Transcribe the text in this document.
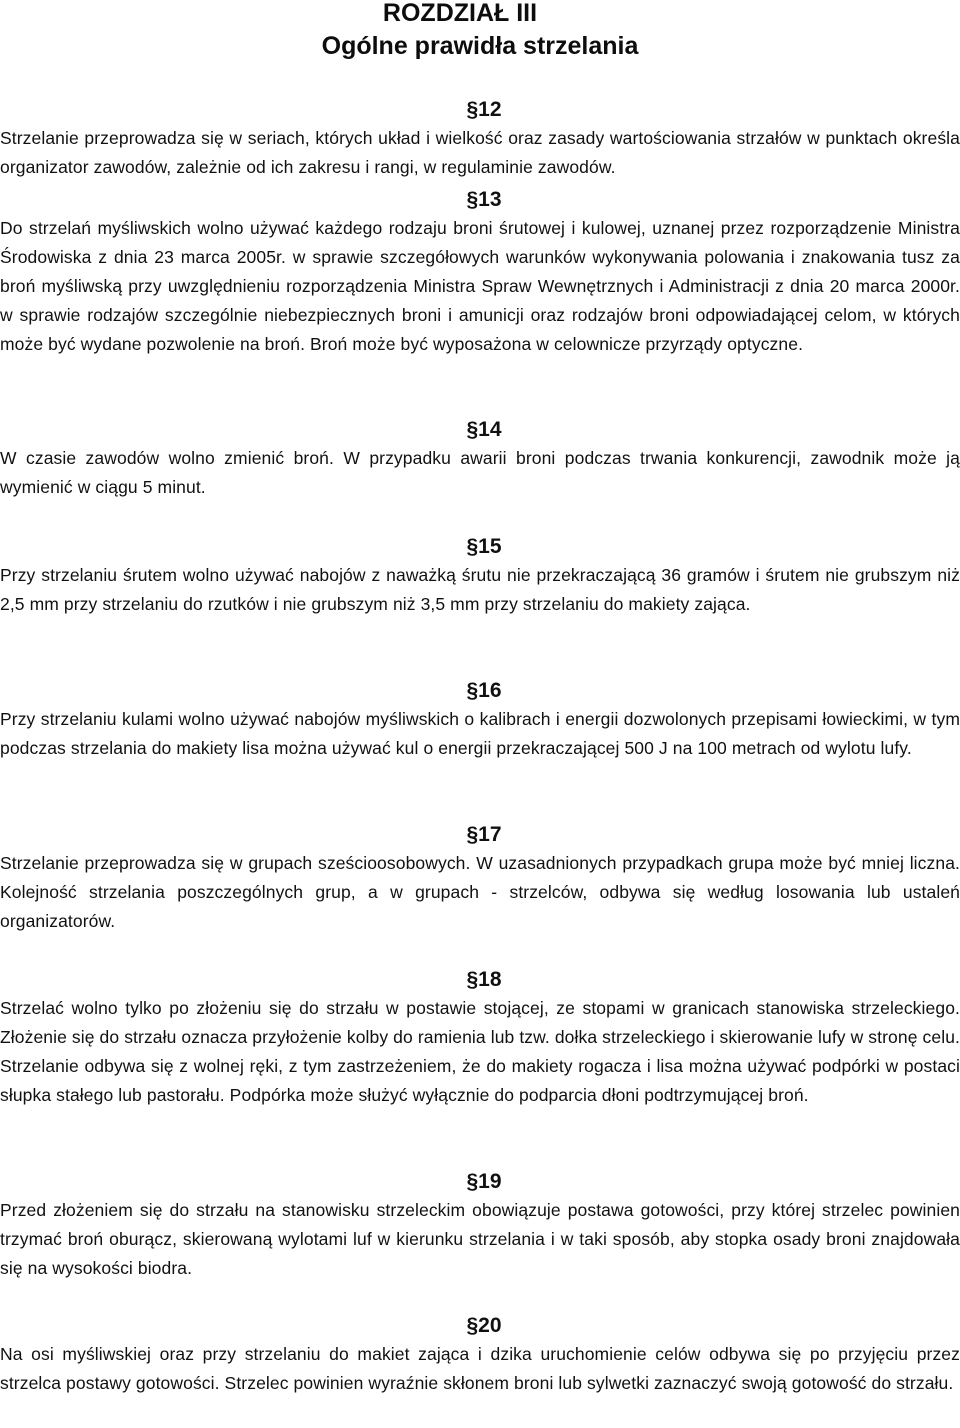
ROZDZIAŁ III
Ogólne prawidła strzelania
§12

Strzelanie przeprowadza się w seriach, których układ i wielkość oraz zasady wartościowania strzałów w punktach określa organizator zawodów, zależnie od ich zakresu i rangi, w regulaminie zawodów.

§13

Do strzelań myśliwskich wolno używać każdego rodzaju broni śrutowej i kulowej, uznanej przez rozporządzenie Ministra Środowiska z dnia 23 marca 2005r. w sprawie szczegółowych warunków wykonywania polowania i znakowania tusz za broń myśliwską przy uwzględnieniu rozporządzenia Ministra Spraw Wewnętrznych i Administracji z dnia 20 marca 2000r. w sprawie rodzajów szczególnie niebezpiecznych broni i amunicji oraz rodzajów broni odpowiadającej celom, w których może być wydane pozwolenie na broń. Broń może być wyposażona w celownicze przyrządy optyczne.

§14

W czasie zawodów wolno zmienić broń. W przypadku awarii broni podczas trwania konkurencji, zawodnik może ją wymienić w ciągu 5 minut.

§15

Przy strzelaniu śrutem wolno używać nabojów z naważką śrutu nie przekraczającą 36 gramów i śrutem nie grubszym niż 2,5 mm przy strzelaniu do rzutków i nie grubszym niż 3,5 mm przy strzelaniu do makiety zająca.

§16

Przy strzelaniu kulami wolno używać nabojów myśliwskich o kalibrach i energii dozwolonych przepisami łowieckimi, w tym podczas strzelania do makiety lisa można używać kul o energii przekraczającej 500 J na 100 metrach od wylotu lufy.

§17

Strzelanie przeprowadza się w grupach sześcioosobowych. W uzasadnionych przypadkach grupa może być mniej liczna. Kolejność strzelania poszczególnych grup, a w grupach - strzelców, odbywa się według losowania lub ustaleń organizatorów.

§18

Strzelać wolno tylko po złożeniu się do strzału w postawie stojącej, ze stopami w granicach stanowiska strzeleckiego. Złożenie się do strzału oznacza przyłożenie kolby do ramienia lub tzw. dołka strzeleckiego i skierowanie lufy w stronę celu. Strzelanie odbywa się z wolnej ręki, z tym zastrzeżeniem, że do makiety rogacza i lisa można używać podpórki w postaci słupka stałego lub pastorału. Podpórka może służyć wyłącznie do podparcia dłoni podtrzymującej broń.

§19

Przed złożeniem się do strzału na stanowisku strzeleckim obowiązuje postawa gotowości, przy której strzelec powinien trzymać broń oburącz, skierowaną wylotami luf w kierunku strzelania i w taki sposób, aby stopka osady broni znajdowała się na wysokości biodra.

§20

Na osi myśliwskiej oraz przy strzelaniu do makiet zająca i dzika uruchomienie celów odbywa się po przyjęciu przez strzelca postawy gotowości. Strzelec powinien wyraźnie skłonem broni lub sylwetki zaznaczyć swoją gotowość do strzału.
